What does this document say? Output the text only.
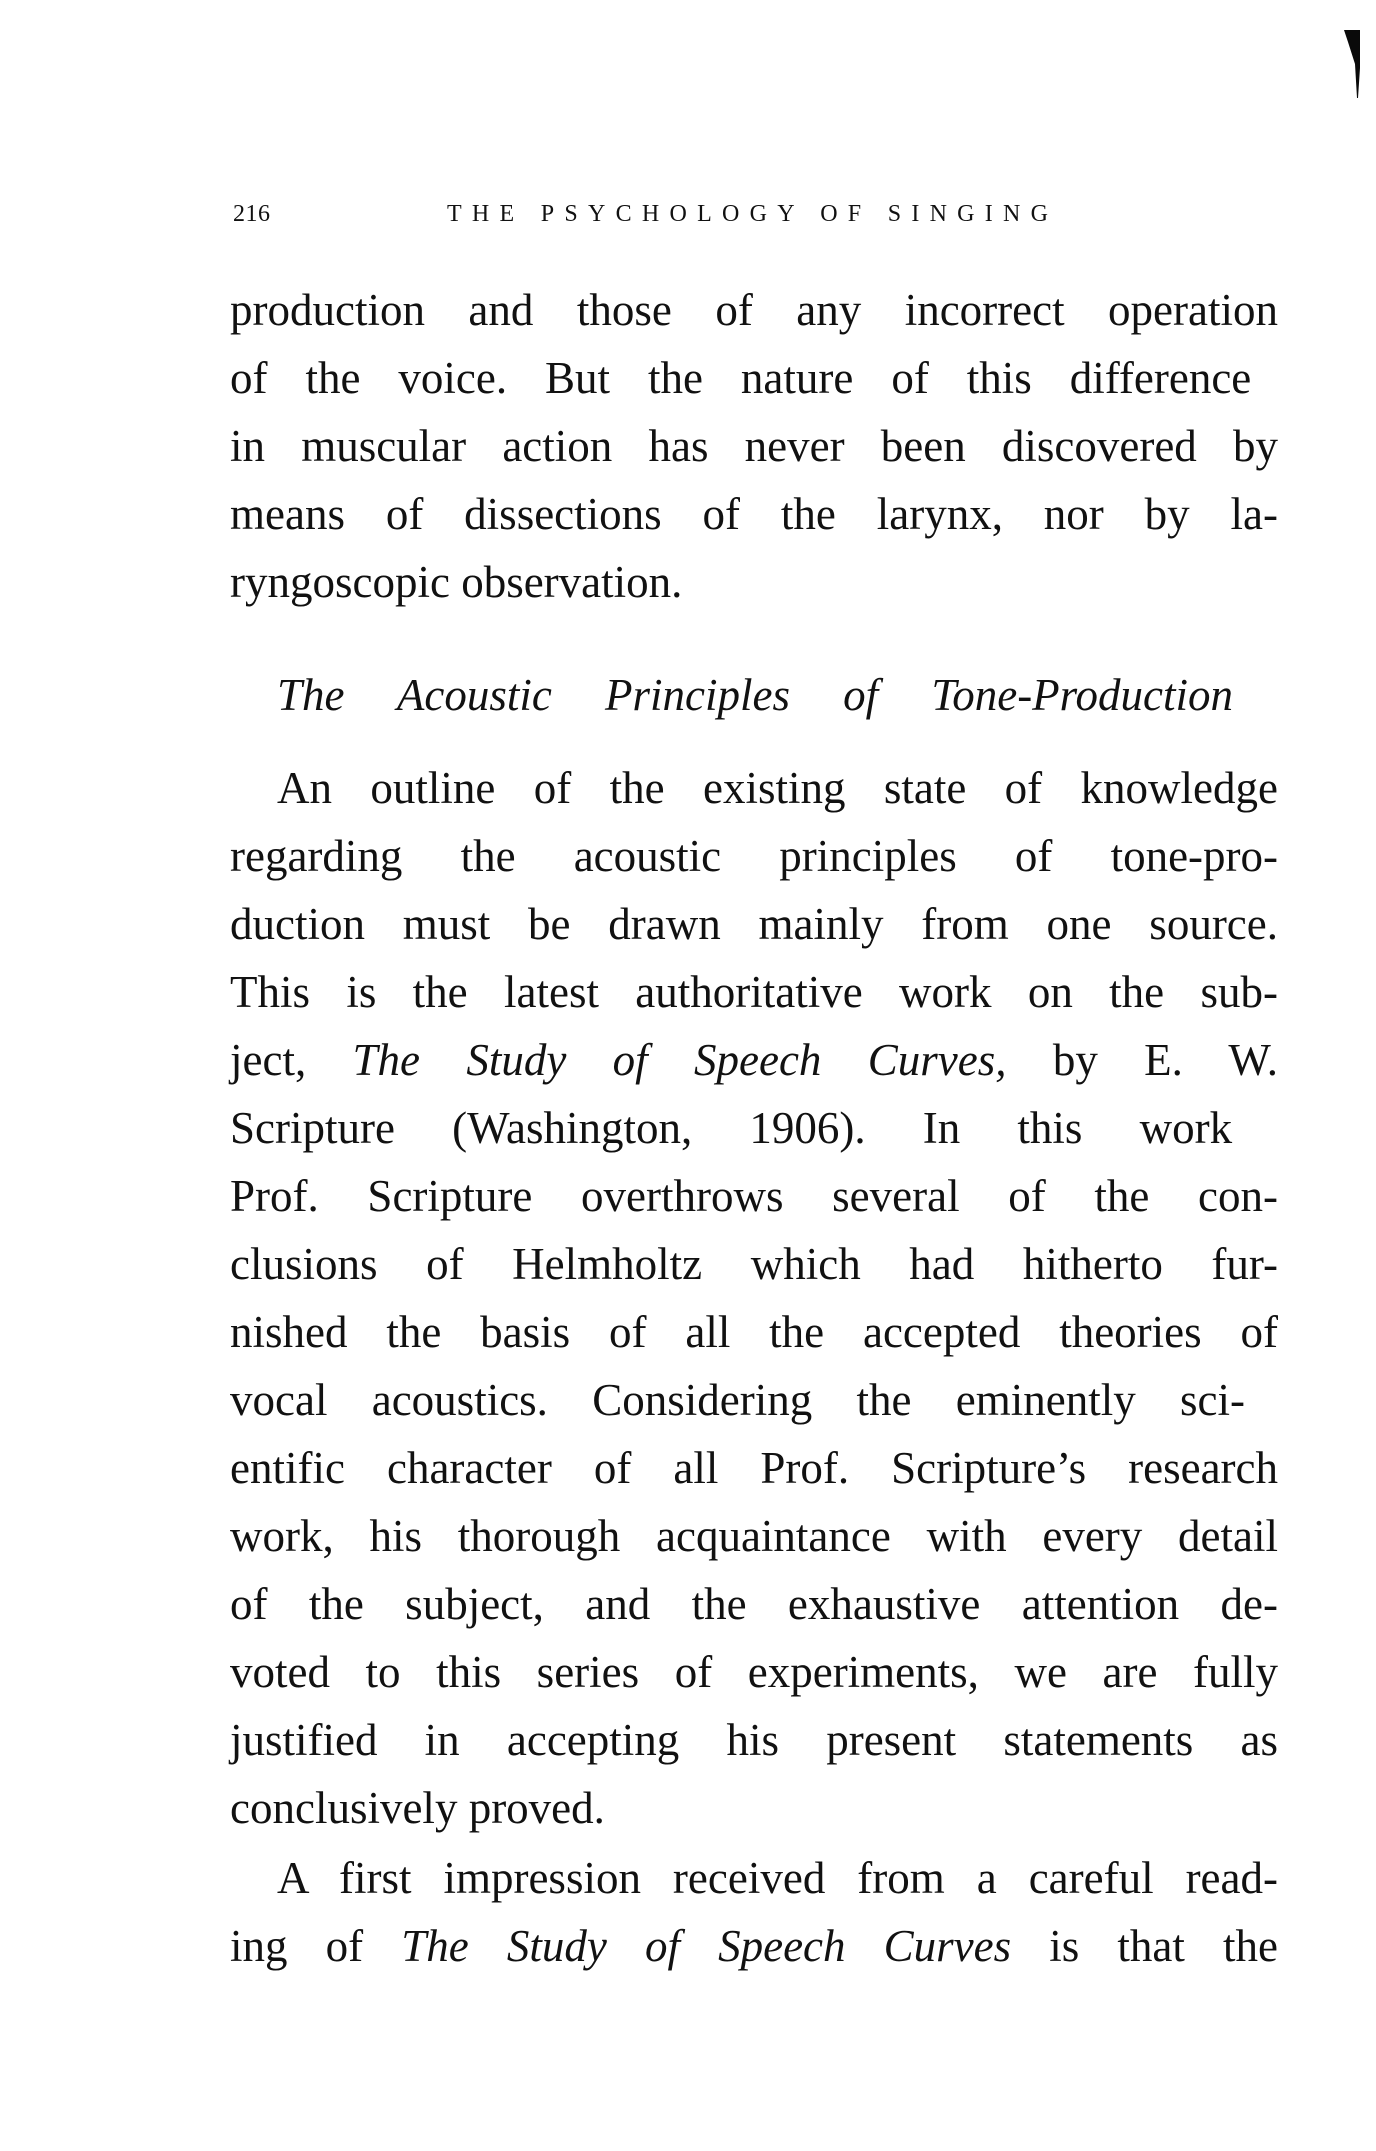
216	THE PSYCHOLOGY OF SINGING
production and those of any incorrect operation
of the voice. But the nature of this difference
in muscular action has never been discovered by
means of dissections of the larynx, nor by la-
ryngoscopic observation.
The Acoustic Principles of Tone-Production
An outline of the existing state of knowledge
regarding the acoustic principles of tone-pro-
duction must be drawn mainly from one source.
This is the latest authoritative work on the sub-
ject, The Study of Speech Curves, by E. W.
Scripture (Washington, 1906). In this work
Prof. Scripture overthrows several of the con-
clusions of Helmholtz which had hitherto fur-
nished the basis of all the accepted theories of
vocal acoustics. Considering the eminently sci-
entific character of all Prof. Scripture’s research
work, his thorough acquaintance with every detail
of the subject, and the exhaustive attention de-
voted to this series of experiments, we are fully
justified in accepting his present statements as
conclusively proved.
A first impression received from a careful read-
ing of The Study of Speech Curves is that the
